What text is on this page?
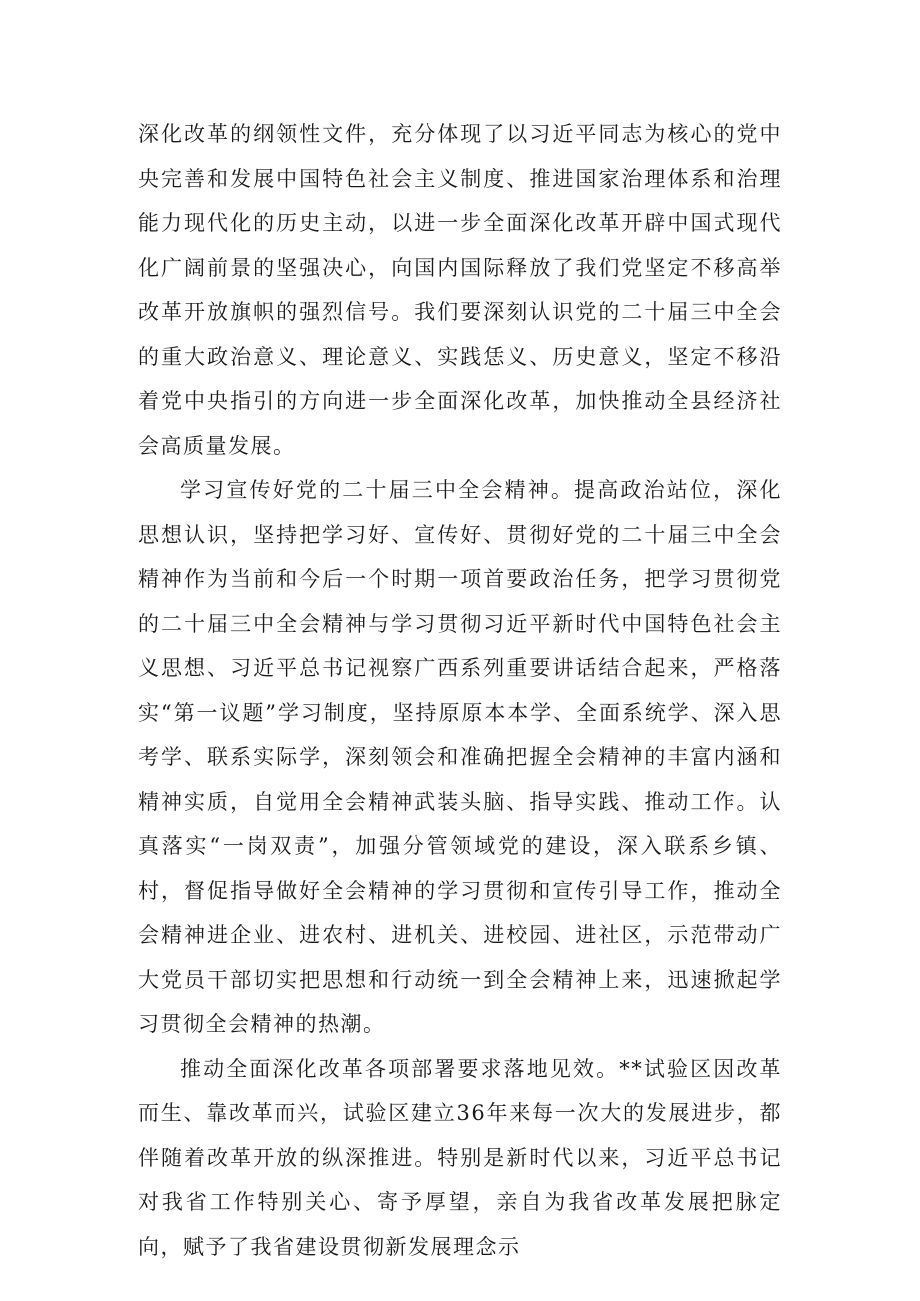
深化改革的纲领性文件，充分体现了以习近平同志为核心的党中央完善和发展中国特色社会主义制度、推进国家治理体系和治理能力现代化的历史主动，以进一步全面深化改革开辟中国式现代化广阔前景的坚强决心，向国内国际释放了我们党坚定不移高举改革开放旗帜的强烈信号。我们要深刻认识党的二十届三中全会的重大政治意义、理论意义、实践恁义、历史意义，坚定不移沿着党中央指引的方向进一步全面深化改革，加快推动全县经济社会高质量发展。

学习宣传好党的二十届三中全会精神。提高政治站位，深化思想认识，坚持把学习好、宣传好、贯彻好党的二十届三中全会精神作为当前和今后一个时期一项首要政治任务，把学习贯彻党的二十届三中全会精神与学习贯彻习近平新时代中国特色社会主义思想、习近平总书记视察广西系列重要讲话结合起来，严格落实“第一议题”学习制度，坚持原原本本学、全面系统学、深入思考学、联系实际学，深刻领会和准确把握全会精神的丰富内涵和精神实质，自觉用全会精神武装头脑、指导实践、推动工作。认真落实“一岗双责”，加强分管领域党的建设，深入联系乡镇、村，督促指导做好全会精神的学习贯彻和宣传引导工作，推动全会精神进企业、进农村、进机关、进校园、进社区，示范带动广大党员干部切实把思想和行动统一到全会精神上来，迅速掀起学习贯彻全会精神的热潮。

推动全面深化改革各项部署要求落地见效。**试验区因改革而生、靠改革而兴，试验区建立36年来每一次大的发展进步，都伴随着改革开放的纵深推进。特别是新时代以来，习近平总书记对我省工作特别关心、寄予厚望，亲自为我省改革发展把脉定向，赋予了我省建设贯彻新发展理念示
